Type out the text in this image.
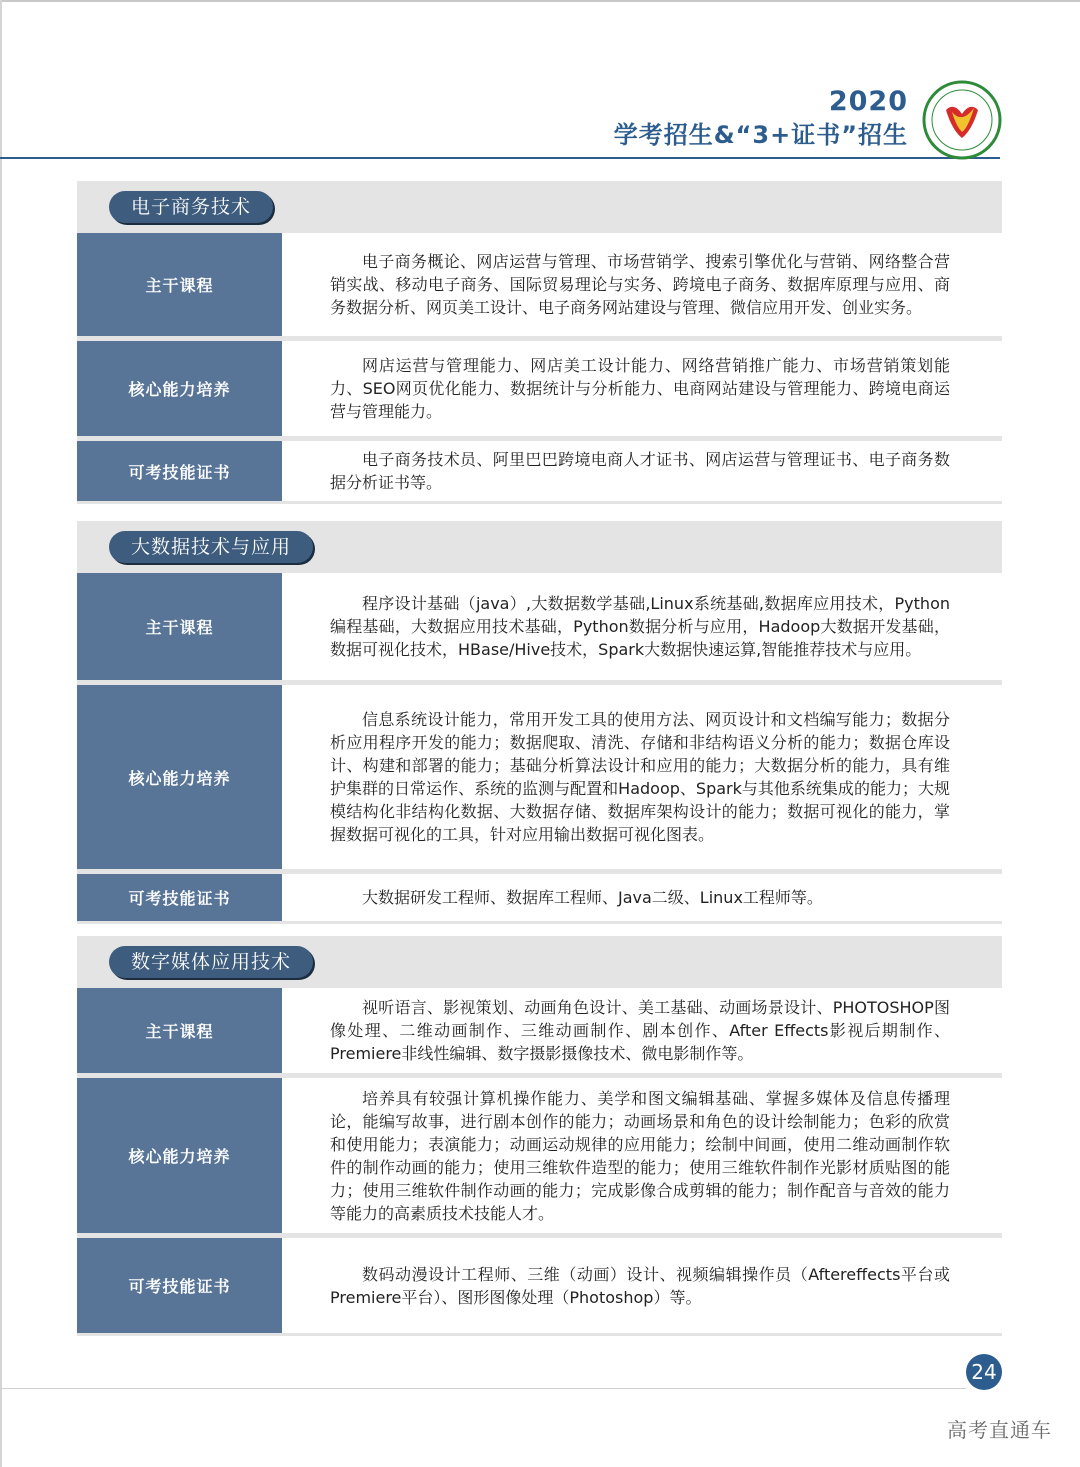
2020
学考招生&“3+证书”招生
电子商务技术
主干课程
电子商务概论、网店运营与管理、市场营销学、搜索引擎优化与营销、网络整合营销实战、移动电子商务、国际贸易理论与实务、跨境电子商务、数据库原理与应用、商务数据分析、网页美工设计、电子商务网站建设与管理、微信应用开发、创业实务。
核心能力培养
网店运营与管理能力、网店美工设计能力、网络营销推广能力、市场营销策划能力、SEO网页优化能力、数据统计与分析能力、电商网站建设与管理能力、跨境电商运营与管理能力。
可考技能证书
电子商务技术员、阿里巴巴跨境电商人才证书、网店运营与管理证书、电子商务数据分析证书等。
大数据技术与应用
主干课程
程序设计基础（java）,大数据数学基础,Linux系统基础,数据库应用技术，Python编程基础，大数据应用技术基础，Python数据分析与应用，Hadoop大数据开发基础，数据可视化技术，HBase/Hive技术，Spark大数据快速运算,智能推荐技术与应用。
核心能力培养
信息系统设计能力，常用开发工具的使用方法、网页设计和文档编写能力；数据分析应用程序开发的能力；数据爬取、清洗、存储和非结构语义分析的能力；数据仓库设计、构建和部署的能力；基础分析算法设计和应用的能力；大数据分析的能力，具有维护集群的日常运作、系统的监测与配置和Hadoop、Spark与其他系统集成的能力；大规模结构化非结构化数据、大数据存储、数据库架构设计的能力；数据可视化的能力，掌握数据可视化的工具，针对应用输出数据可视化图表。
可考技能证书	大数据研发工程师、数据库工程师、Java二级、Linux工程师等。
数字媒体应用技术
主干课程
视听语言、影视策划、动画角色设计、美工基础、动画场景设计、PHOTOSHOP图像处理、二维动画制作、三维动画制作、剧本创作、After Effects影视后期制作、Premiere非线性编辑、数字摄影摄像技术、微电影制作等。
核心能力培养
培养具有较强计算机操作能力、美学和图文编辑基础、掌握多媒体及信息传播理论，能编写故事，进行剧本创作的能力；动画场景和角色的设计绘制能力；色彩的欣赏和使用能力；表演能力；动画运动规律的应用能力；绘制中间画，使用二维动画制作软件的制作动画的能力；使用三维软件造型的能力；使用三维软件制作光影材质贴图的能力；使用三维软件制作动画的能力；完成影像合成剪辑的能力；制作配音与音效的能力等能力的高素质技术技能人才。
可考技能证书
数码动漫设计工程师、三维（动画）设计、视频编辑操作员（Aftereffects平台或Premiere平台）、图形图像处理（Photoshop）等。
24
高考直通车
